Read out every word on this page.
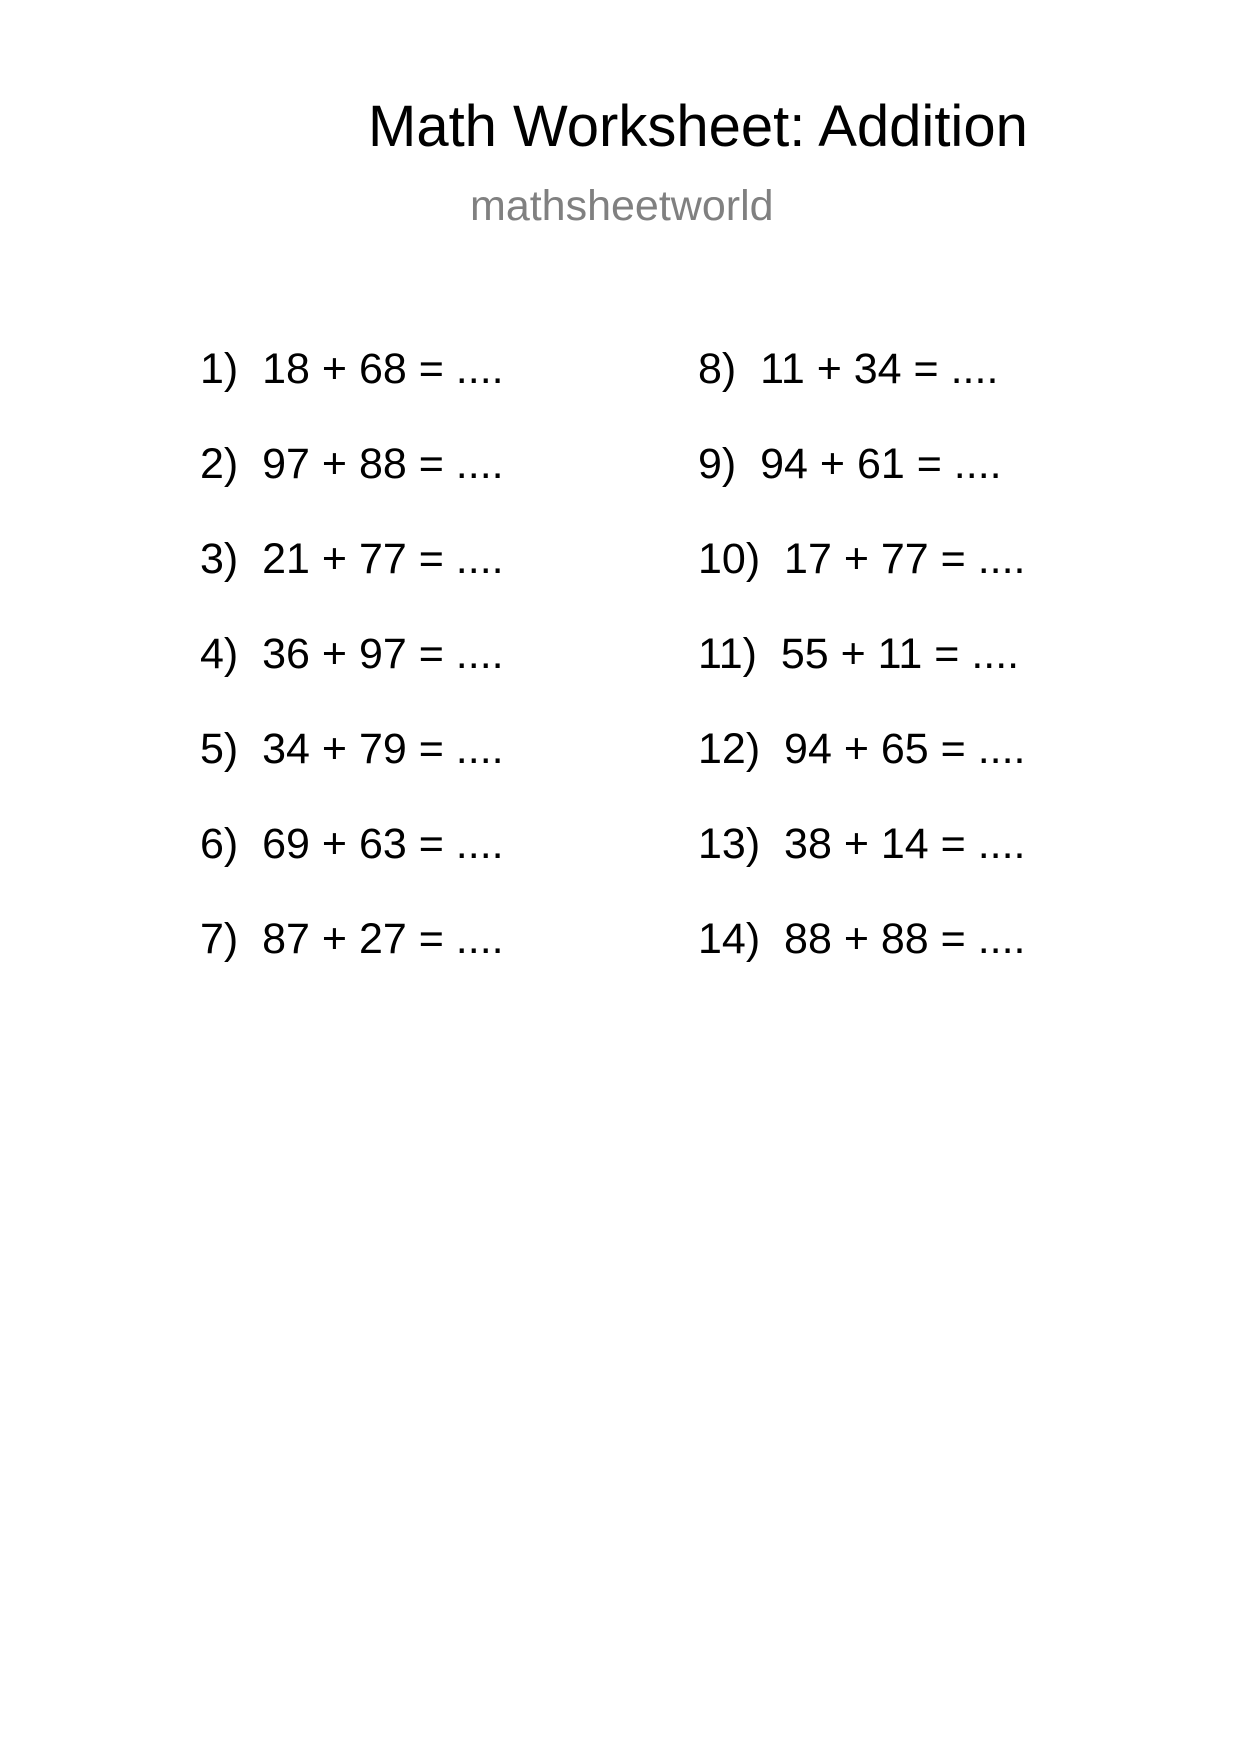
Math Worksheet: Addition
mathsheetworld
1)  18 + 68 = ....
2)  97 + 88 = ....
3)  21 + 77 = ....
4)  36 + 97 = ....
5)  34 + 79 = ....
6)  69 + 63 = ....
7)  87 + 27 = ....
8)  11 + 34 = ....
9)  94 + 61 = ....
10)  17 + 77 = ....
11)  55 + 11 = ....
12)  94 + 65 = ....
13)  38 + 14 = ....
14)  88 + 88 = ....
